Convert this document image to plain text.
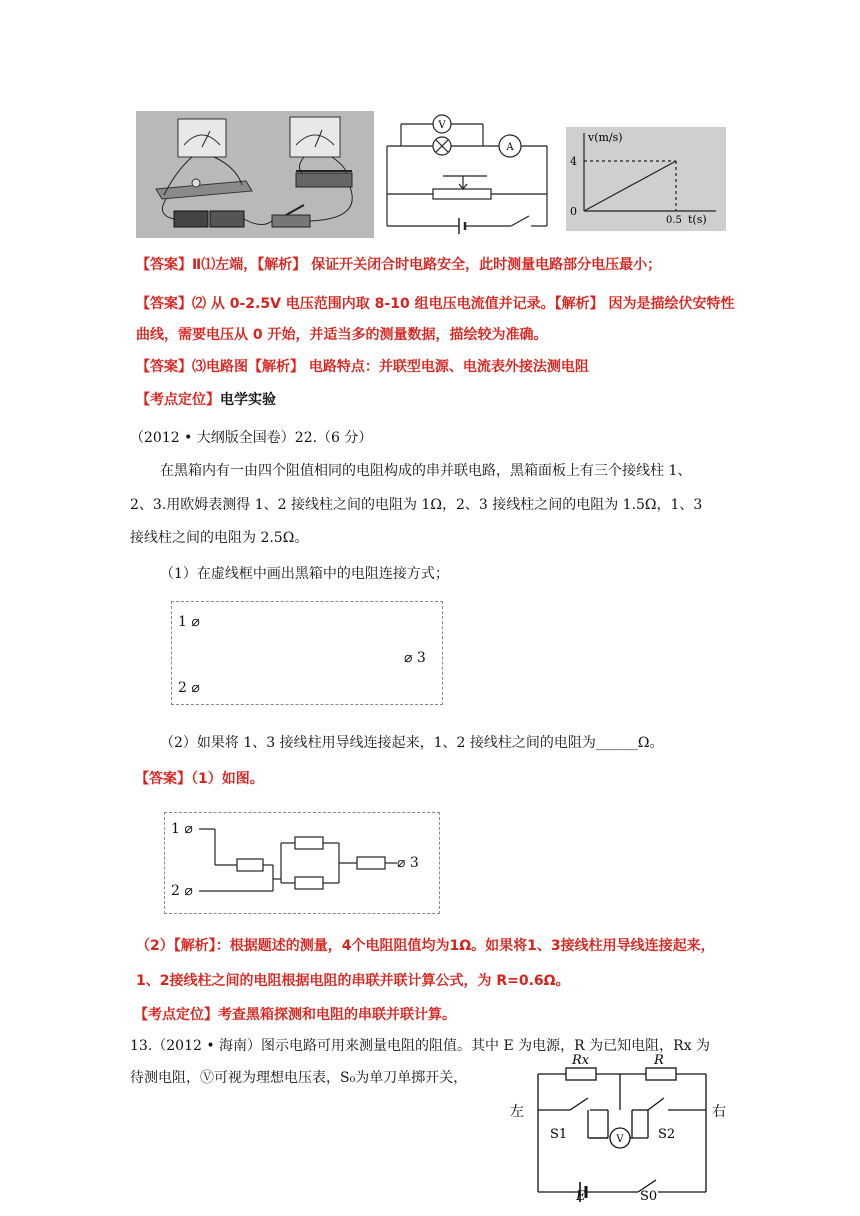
V
A
v(m/s)
4
0
0.5 t(s)
【答案】Ⅱ⑴左端，【解析】 保证开关闭合时电路安全，此时测量电路部分电压最小；
【答案】⑵ 从 0-2.5V 电压范围内取 8-10 组电压电流值并记录。【解析】 因为是描绘伏安特性曲线，需要电压从 0 开始，并适当多的测量数据，描绘较为准确。
【答案】⑶电路图【解析】 电路特点：并联型电源、电流表外接法测电阻
【考点定位】电学实验
（2012 • 大纲版全国卷）22.（6 分）
在黑箱内有一由四个阻值相同的电阻构成的串并联电路，黑箱面板上有三个接线柱 1、
2、3.用欧姆表测得 1、2 接线柱之间的电阻为 1Ω，2、3 接线柱之间的电阻为 1.5Ω，1、3
接线柱之间的电阻为 2.5Ω。
（1）在虚线框中画出黑箱中的电阻连接方式；
1 ⌀
⌀ 3
2 ⌀
（2）如果将 1、3 接线柱用导线连接起来，1、2 接线柱之间的电阻为______Ω。
【答案】（1）如图。
1 ⌀
⌀ 3
2 ⌀
（2）【解析】：根据题述的测量，4个电阻阻值均为1Ω。如果将1、3接线柱用导线连接起来，
1、2接线柱之间的电阻根据电阻的串联并联计算公式，为 R=0.6Ω。
【考点定位】考查黑箱探测和电阻的串联并联计算。
13.（2012 • 海南）图示电路可用来测量电阻的阻值。其中 E 为电源，R 为已知电阻，Rx 为
待测电阻，Ⓥ可视为理想电压表，S₀为单刀单掷开关，
Rx	R
左	右
S1	S2
V
E	S0
